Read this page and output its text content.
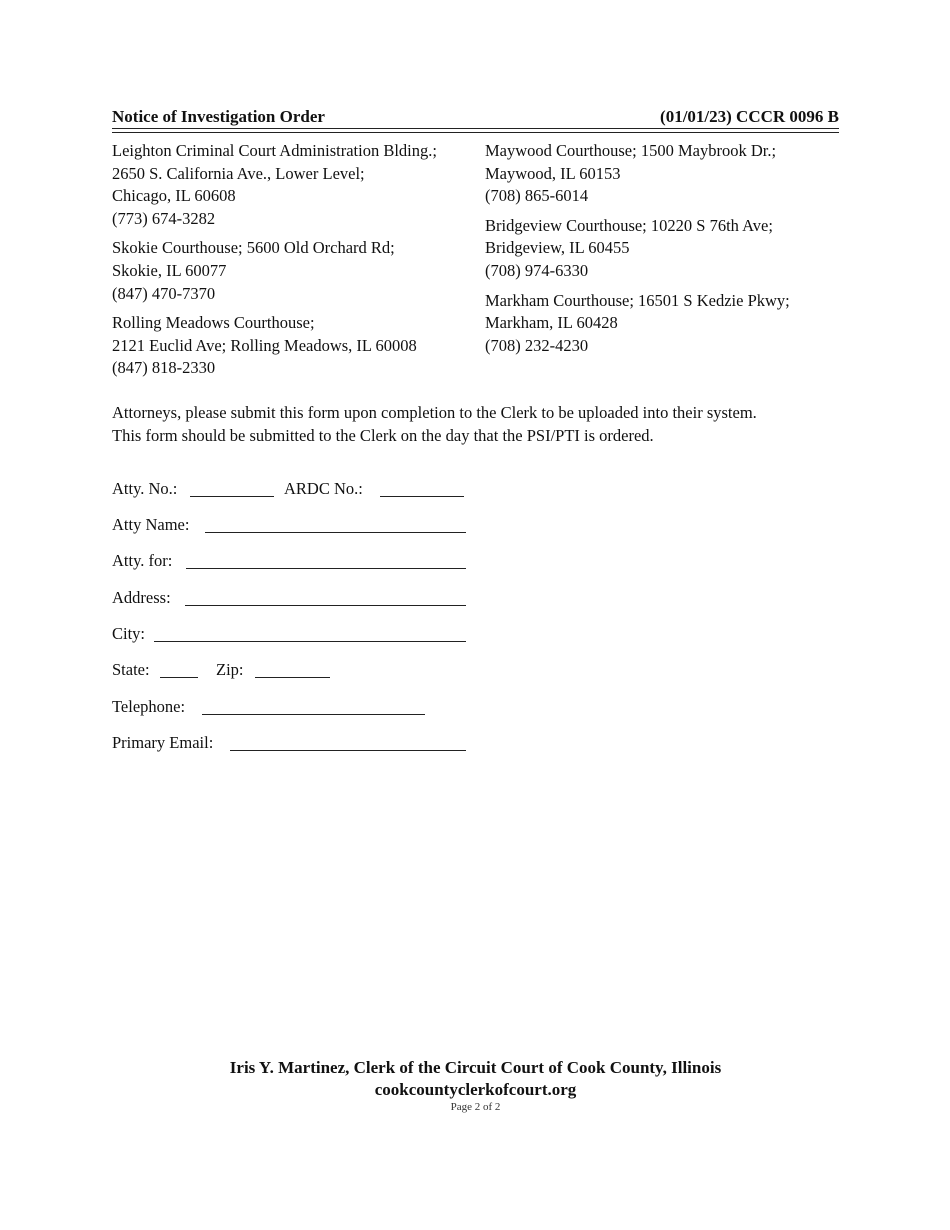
Notice of Investigation Order	(01/01/23) CCCR 0096 B
Leighton Criminal Court Administration Blding.;
2650 S. California Ave., Lower Level;
Chicago, IL 60608
(773) 674-3282
Skokie Courthouse; 5600 Old Orchard Rd;
Skokie, IL 60077
(847) 470-7370
Rolling Meadows Courthouse;
2121 Euclid Ave; Rolling Meadows, IL 60008
(847) 818-2330
Maywood Courthouse; 1500 Maybrook Dr.;
Maywood, IL 60153
(708) 865-6014
Bridgeview Courthouse; 10220 S 76th Ave;
Bridgeview, IL 60455
(708) 974-6330
Markham Courthouse; 16501 S Kedzie Pkwy;
Markham, IL 60428
(708) 232-4230
Attorneys, please submit this form upon completion to the Clerk to be uploaded into their system.
This form should be submitted to the Clerk on the day that the PSI/PTI is ordered.
Atty. No.:	ARDC No.:
Atty Name:
Atty. for:
Address:
City:
State:	Zip:
Telephone:
Primary Email:
Iris Y. Martinez, Clerk of the Circuit Court of Cook County, Illinois
cookcountyclerkofcourt.org
Page 2 of 2
